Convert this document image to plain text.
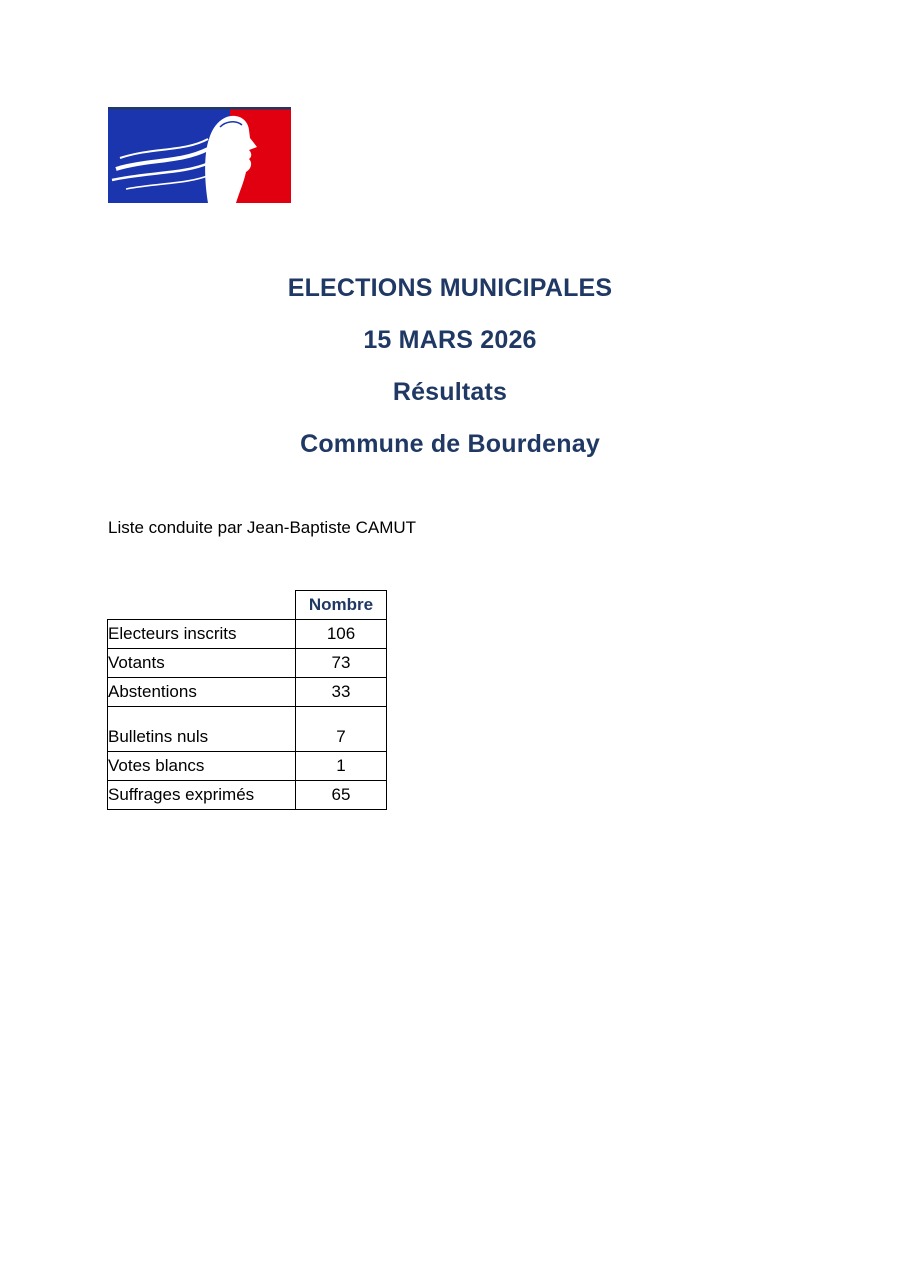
ELECTIONS MUNICIPALES
15 MARS 2026
Résultats
Commune de Bourdenay
Liste conduite par Jean-Baptiste CAMUT
	Nombre
Electeurs inscrits	106
Votants	73
Abstentions	33
Bulletins nuls	7
Votes blancs	1
Suffrages exprimés	65
